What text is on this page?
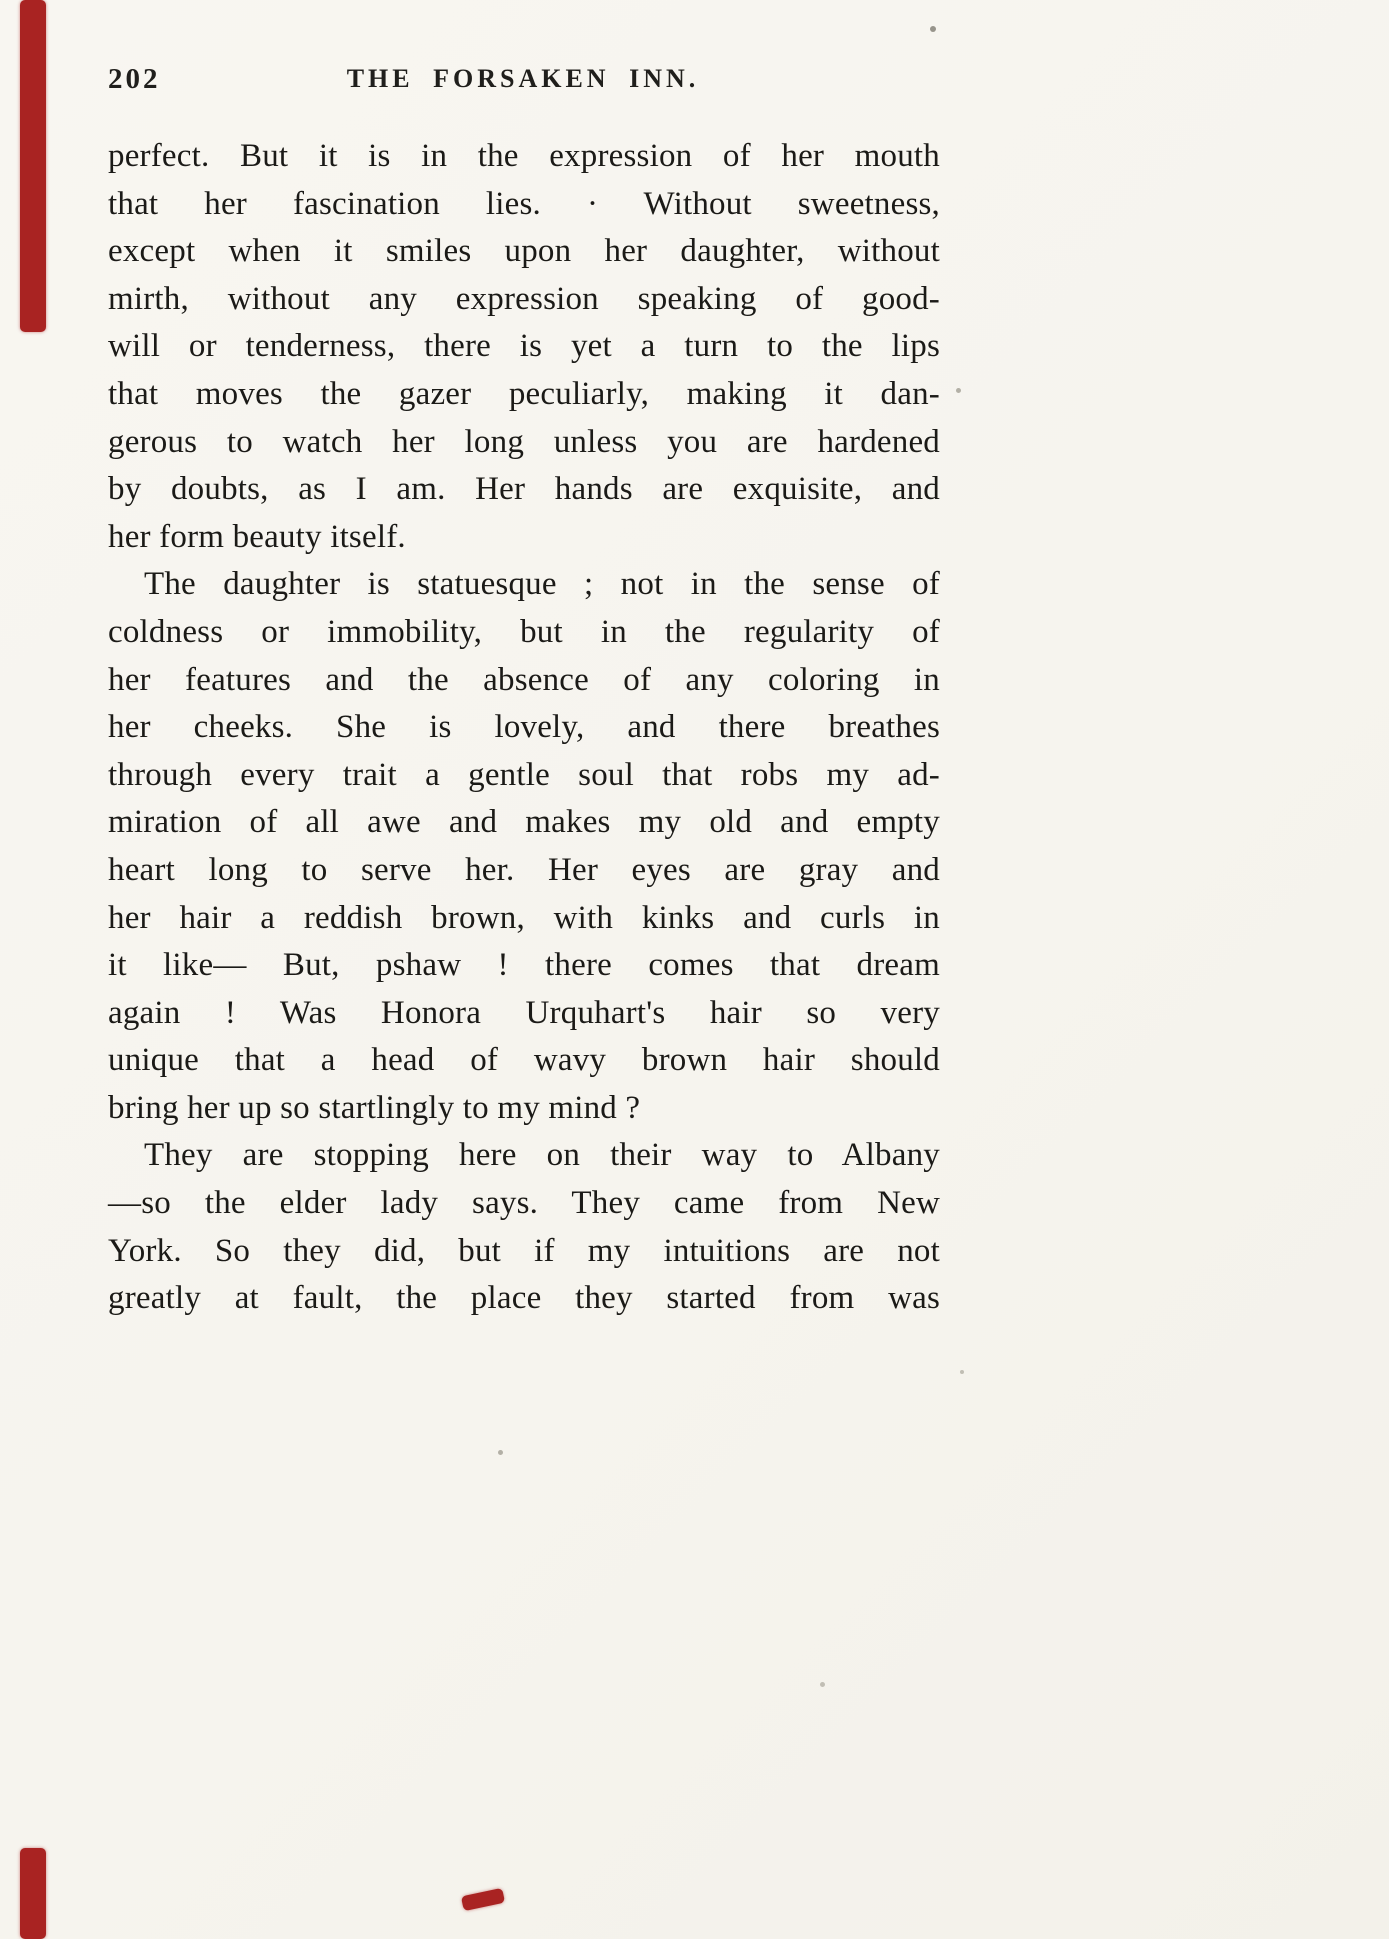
202	THE FORSAKEN INN.
perfect. But it is in the expression of her mouth
that her fascination lies. · Without sweetness,
except when it smiles upon her daughter, without
mirth, without any expression speaking of good-
will or tenderness, there is yet a turn to the lips
that moves the gazer peculiarly, making it dan-
gerous to watch her long unless you are hardened
by doubts, as I am. Her hands are exquisite, and
her form beauty itself.
The daughter is statuesque ; not in the sense of
coldness or immobility, but in the regularity of
her features and the absence of any coloring in
her cheeks. She is lovely, and there breathes
through every trait a gentle soul that robs my ad-
miration of all awe and makes my old and empty
heart long to serve her. Her eyes are gray and
her hair a reddish brown, with kinks and curls in
it like— But, pshaw ! there comes that dream
again ! Was Honora Urquhart's hair so very
unique that a head of wavy brown hair should
bring her up so startlingly to my mind ?
They are stopping here on their way to Albany
—so the elder lady says. They came from New
York. So they did, but if my intuitions are not
greatly at fault, the place they started from was
